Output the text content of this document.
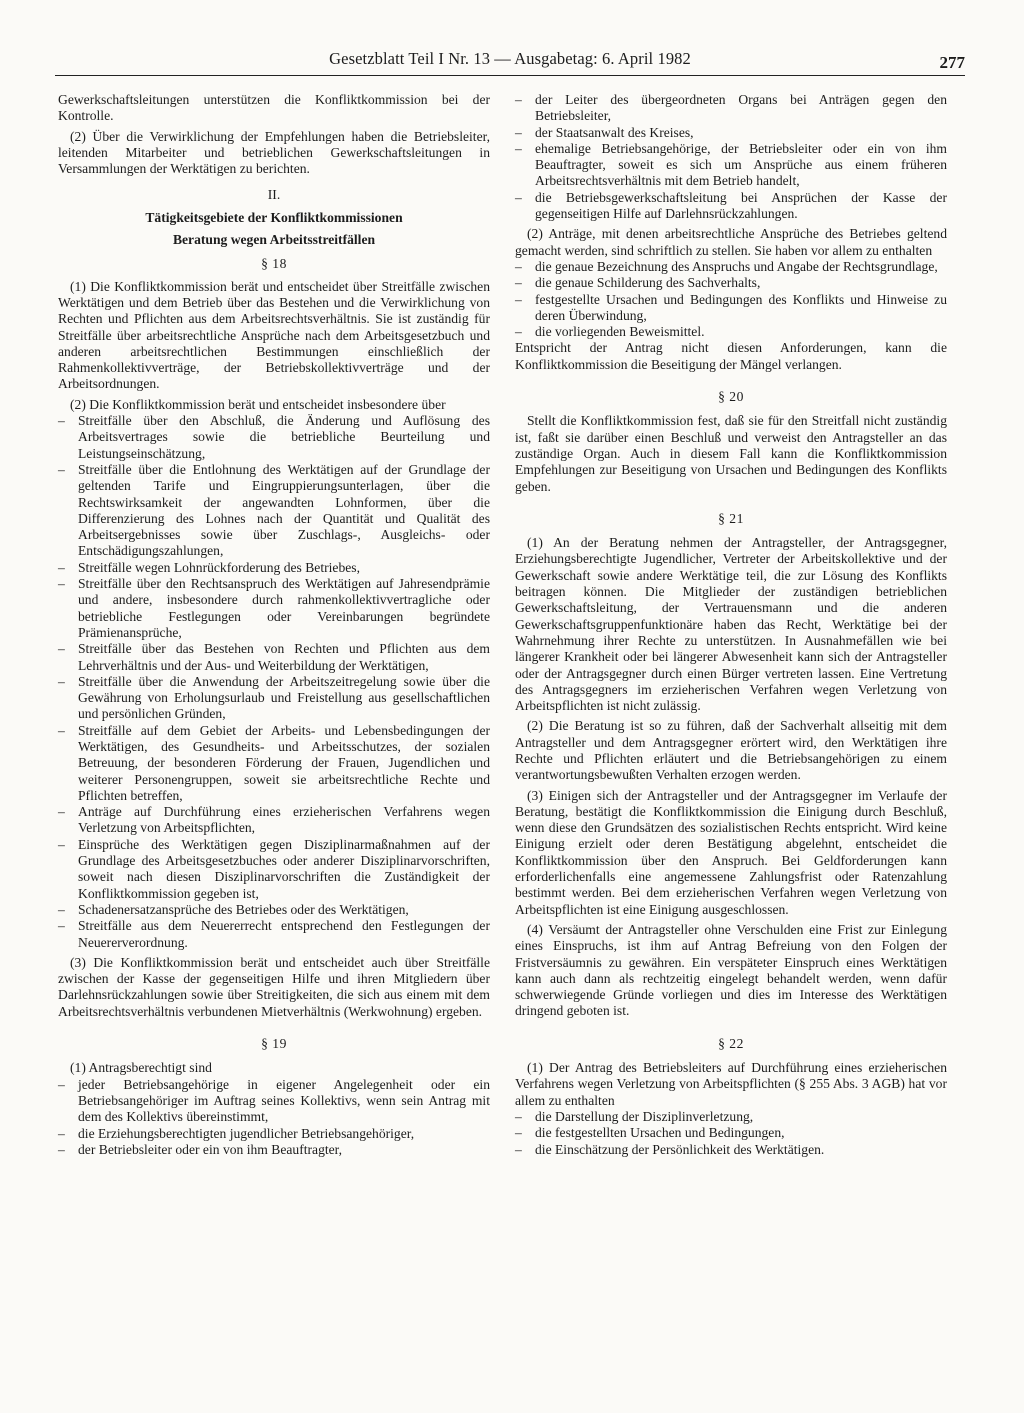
Gesetzblatt Teil I Nr. 13 — Ausgabetag: 6. April 1982	277

Gewerkschaftsleitungen unterstützen die Konfliktkommission bei der Kontrolle.

(2) Über die Verwirklichung der Empfehlungen haben die Betriebsleiter, leitenden Mitarbeiter und betrieblichen Gewerkschaftsleitungen in Versammlungen der Werktätigen zu berichten.

II.
Tätigkeitsgebiete der Konfliktkommissionen
Beratung wegen Arbeitsstreitfällen
§ 18

(1) Die Konfliktkommission berät und entscheidet über Streitfälle zwischen Werktätigen und dem Betrieb über das Bestehen und die Verwirklichung von Rechten und Pflichten aus dem Arbeitsrechtsverhältnis. Sie ist zuständig für Streitfälle über arbeitsrechtliche Ansprüche nach dem Arbeitsgesetzbuch und anderen arbeitsrechtlichen Bestimmungen einschließlich der Rahmenkollektivverträge, der Betriebskollektivverträge und der Arbeitsordnungen.

(2) Die Konfliktkommission berät und entscheidet insbesondere über

– Streitfälle über den Abschluß, die Änderung und Auflösung des Arbeitsvertrages sowie die betriebliche Beurteilung und Leistungseinschätzung,
– Streitfälle über die Entlohnung des Werktätigen auf der Grundlage der geltenden Tarife und Eingruppierungsunterlagen, über die Rechtswirksamkeit der angewandten Lohnformen, über die Differenzierung des Lohnes nach der Quantität und Qualität des Arbeitsergebnisses sowie über Zuschlags-, Ausgleichs- oder Entschädigungszahlungen,
– Streitfälle wegen Lohnrückforderung des Betriebes,
– Streitfälle über den Rechtsanspruch des Werktätigen auf Jahresendprämie und andere, insbesondere durch rahmenkollektivvertragliche oder betriebliche Festlegungen oder Vereinbarungen begründete Prämienansprüche,
– Streitfälle über das Bestehen von Rechten und Pflichten aus dem Lehrverhältnis und der Aus- und Weiterbildung der Werktätigen,
– Streitfälle über die Anwendung der Arbeitszeitregelung sowie über die Gewährung von Erholungsurlaub und Freistellung aus gesellschaftlichen und persönlichen Gründen,
– Streitfälle auf dem Gebiet der Arbeits- und Lebensbedingungen der Werktätigen, des Gesundheits- und Arbeitsschutzes, der sozialen Betreuung, der besonderen Förderung der Frauen, Jugendlichen und weiterer Personengruppen, soweit sie arbeitsrechtliche Rechte und Pflichten betreffen,
– Anträge auf Durchführung eines erzieherischen Verfahrens wegen Verletzung von Arbeitspflichten,
– Einsprüche des Werktätigen gegen Disziplinarmaßnahmen auf der Grundlage des Arbeitsgesetzbuches oder anderer Disziplinarvorschriften, soweit nach diesen Disziplinarvorschriften die Zuständigkeit der Konfliktkommission gegeben ist,
– Schadenersatzansprüche des Betriebes oder des Werktätigen,
– Streitfälle aus dem Neuererrecht entsprechend den Festlegungen der Neuererverordnung.

(3) Die Konfliktkommission berät und entscheidet auch über Streitfälle zwischen der Kasse der gegenseitigen Hilfe und ihren Mitgliedern über Darlehnsrückzahlungen sowie über Streitigkeiten, die sich aus einem mit dem Arbeitsrechtsverhältnis verbundenen Mietverhältnis (Werkwohnung) ergeben.

§ 19

(1) Antragsberechtigt sind

– jeder Betriebsangehörige in eigener Angelegenheit oder ein Betriebsangehöriger im Auftrag seines Kollektivs, wenn sein Antrag mit dem des Kollektivs übereinstimmt,
– die Erziehungsberechtigten jugendlicher Betriebsangehöriger,
– der Betriebsleiter oder ein von ihm Beauftragter,
– der Leiter des übergeordneten Organs bei Anträgen gegen den Betriebsleiter,
– der Staatsanwalt des Kreises,
– ehemalige Betriebsangehörige, der Betriebsleiter oder ein von ihm Beauftragter, soweit es sich um Ansprüche aus einem früheren Arbeitsrechtsverhältnis mit dem Betrieb handelt,
– die Betriebsgewerkschaftsleitung bei Ansprüchen der Kasse der gegenseitigen Hilfe auf Darlehnsrückzahlungen.

(2) Anträge, mit denen arbeitsrechtliche Ansprüche des Betriebes geltend gemacht werden, sind schriftlich zu stellen. Sie haben vor allem zu enthalten

– die genaue Bezeichnung des Anspruchs und Angabe der Rechtsgrundlage,
– die genaue Schilderung des Sachverhalts,
– festgestellte Ursachen und Bedingungen des Konflikts und Hinweise zu deren Überwindung,
– die vorliegenden Beweismittel.

Entspricht der Antrag nicht diesen Anforderungen, kann die Konfliktkommission die Beseitigung der Mängel verlangen.

§ 20

Stellt die Konfliktkommission fest, daß sie für den Streitfall nicht zuständig ist, faßt sie darüber einen Beschluß und verweist den Antragsteller an das zuständige Organ. Auch in diesem Fall kann die Konfliktkommission Empfehlungen zur Beseitigung von Ursachen und Bedingungen des Konflikts geben.

§ 21

(1) An der Beratung nehmen der Antragsteller, der Antragsgegner, Erziehungsberechtigte Jugendlicher, Vertreter der Arbeitskollektive und der Gewerkschaft sowie andere Werktätige teil, die zur Lösung des Konflikts beitragen können. Die Mitglieder der zuständigen betrieblichen Gewerkschaftsleitung, der Vertrauensmann und die anderen Gewerkschaftsgruppenfunktionäre haben das Recht, Werktätige bei der Wahrnehmung ihrer Rechte zu unterstützen. In Ausnahmefällen wie bei längerer Krankheit oder bei längerer Abwesenheit kann sich der Antragsteller oder der Antragsgegner durch einen Bürger vertreten lassen. Eine Vertretung des Antragsgegners im erzieherischen Verfahren wegen Verletzung von Arbeitspflichten ist nicht zulässig.

(2) Die Beratung ist so zu führen, daß der Sachverhalt allseitig mit dem Antragsteller und dem Antragsgegner erörtert wird, den Werktätigen ihre Rechte und Pflichten erläutert und die Betriebsangehörigen zu einem verantwortungsbewußten Verhalten erzogen werden.

(3) Einigen sich der Antragsteller und der Antragsgegner im Verlaufe der Beratung, bestätigt die Konfliktkommission die Einigung durch Beschluß, wenn diese den Grundsätzen des sozialistischen Rechts entspricht. Wird keine Einigung erzielt oder deren Bestätigung abgelehnt, entscheidet die Konfliktkommission über den Anspruch. Bei Geldforderungen kann erforderlichenfalls eine angemessene Zahlungsfrist oder Ratenzahlung bestimmt werden. Bei dem erzieherischen Verfahren wegen Verletzung von Arbeitspflichten ist eine Einigung ausgeschlossen.

(4) Versäumt der Antragsteller ohne Verschulden eine Frist zur Einlegung eines Einspruchs, ist ihm auf Antrag Befreiung von den Folgen der Fristversäumnis zu gewähren. Ein verspäteter Einspruch eines Werktätigen kann auch dann als rechtzeitig eingelegt behandelt werden, wenn dafür schwerwiegende Gründe vorliegen und dies im Interesse des Werktätigen dringend geboten ist.

§ 22

(1) Der Antrag des Betriebsleiters auf Durchführung eines erzieherischen Verfahrens wegen Verletzung von Arbeitspflichten (§ 255 Abs. 3 AGB) hat vor allem zu enthalten

– die Darstellung der Disziplinverletzung,
– die festgestellten Ursachen und Bedingungen,
– die Einschätzung der Persönlichkeit des Werktätigen.
